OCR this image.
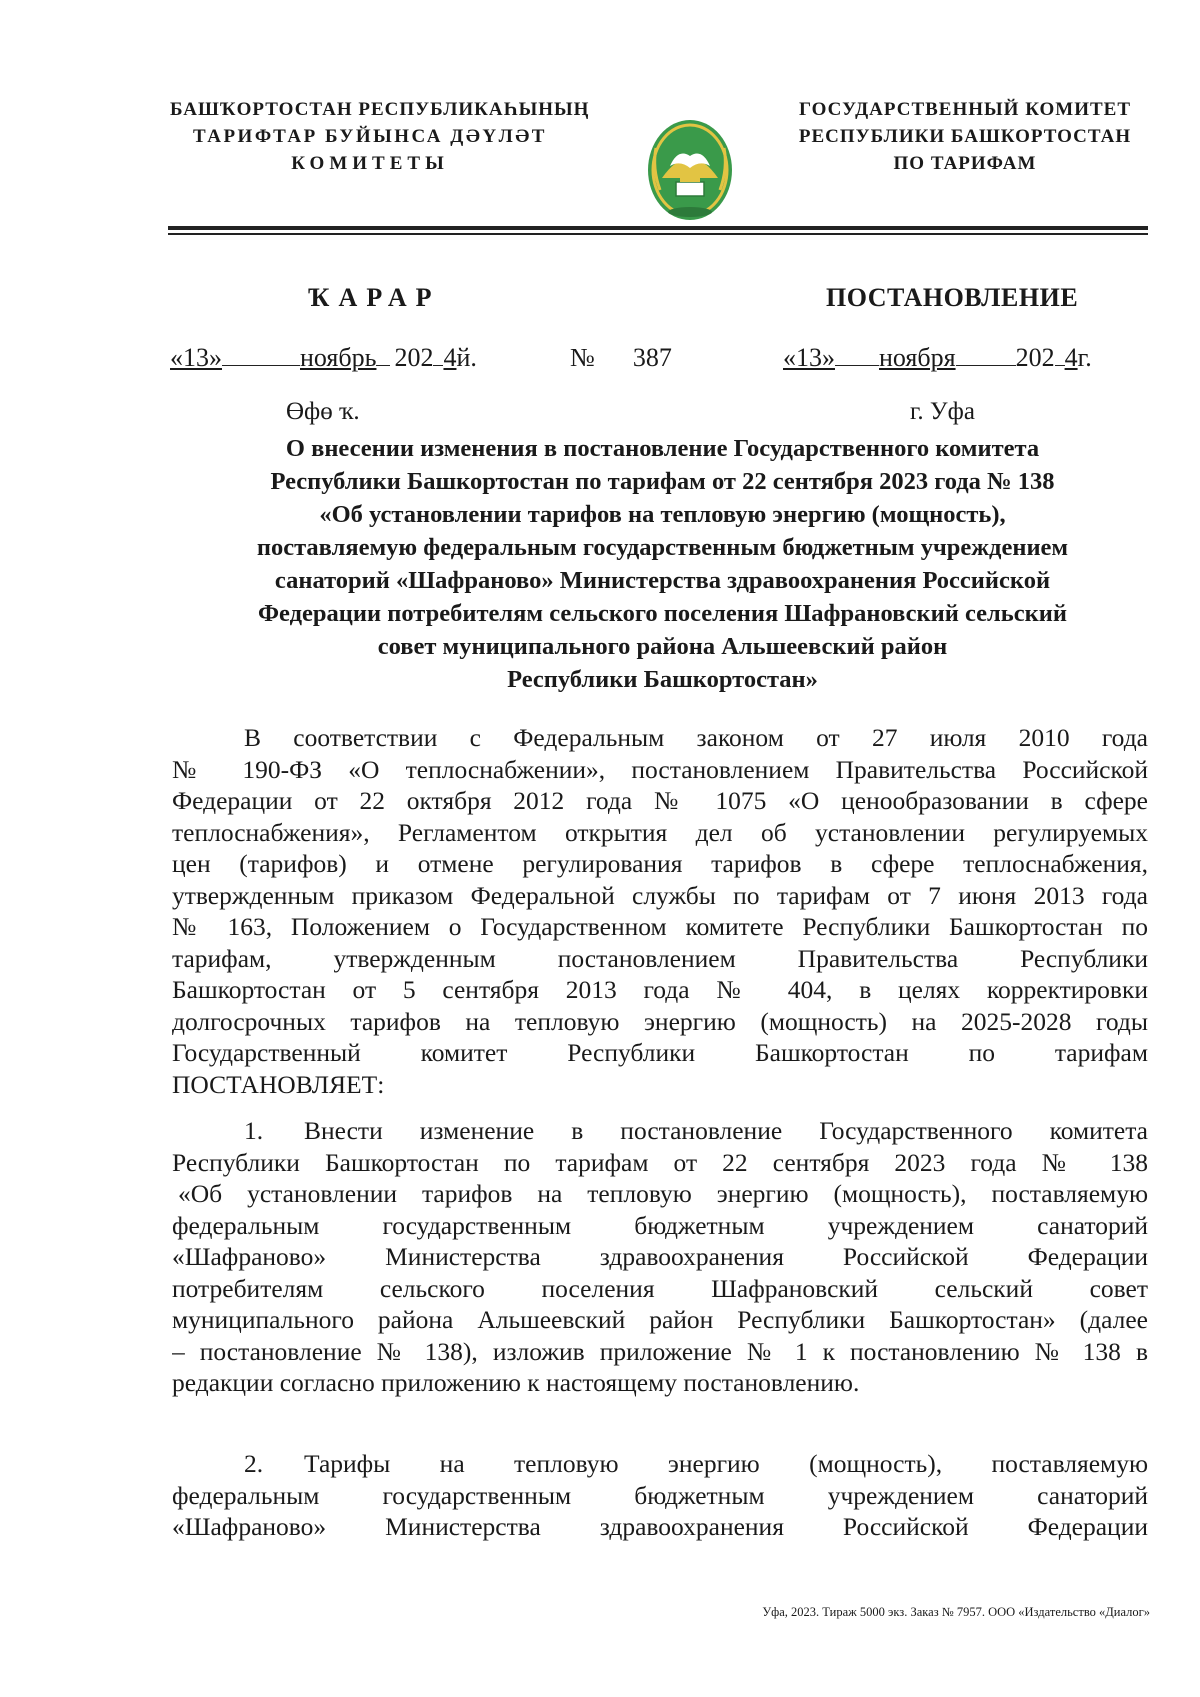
БАШҠОРТОСТАН РЕСПУБЛИКАҺЫНЫҢ
ТАРИФТАР БУЙЫНСА ДӘҮЛӘТ
КОМИТЕТЫ
ГОСУДАРСТВЕННЫЙ КОМИТЕТ
РЕСПУБЛИКИ БАШКОРТОСТАН
ПО ТАРИФАМ
ҠАРАР	ПОСТАНОВЛЕНИЕ
«13»	ноябрь 202 4й.	№ 387	«13» ноября 202 4г.
Өфө ҡ.	г. Уфа
О внесении изменения в постановление Государственного комитета
Республики Башкортостан по тарифам от 22 сентября 2023 года № 138
«Об установлении тарифов на тепловую энергию (мощность),
поставляемую федеральным государственным бюджетным учреждением
санаторий «Шафраново» Министерства здравоохранения Российской
Федерации потребителям сельского поселения Шафрановский сельский
совет муниципального района Альшеевский район
Республики Башкортостан»
В соответствии с Федеральным законом от 27 июля 2010 года
№ 190-ФЗ «О теплоснабжении», постановлением Правительства Российской
Федерации от 22 октября 2012 года № 1075 «О ценообразовании в сфере
теплоснабжения», Регламентом открытия дел об установлении регулируемых
цен (тарифов) и отмене регулирования тарифов в сфере теплоснабжения,
утвержденным приказом Федеральной службы по тарифам от 7 июня 2013 года
№ 163, Положением о Государственном комитете Республики Башкортостан по
тарифам, утвержденным постановлением Правительства Республики
Башкортостан от 5 сентября 2013 года № 404, в целях корректировки
долгосрочных тарифов на тепловую энергию (мощность) на 2025-2028 годы
Государственный комитет Республики Башкортостан по тарифам
ПОСТАНОВЛЯЕТ:
1. Внести изменение в постановление Государственного комитета
Республики Башкортостан по тарифам от 22 сентября 2023 года № 138
«Об установлении тарифов на тепловую энергию (мощность), поставляемую
федеральным государственным бюджетным учреждением санаторий
«Шафраново» Министерства здравоохранения Российской Федерации
потребителям сельского поселения Шафрановский сельский совет
муниципального района Альшеевский район Республики Башкортостан» (далее
– постановление № 138), изложив приложение № 1 к постановлению № 138 в
редакции согласно приложению к настоящему постановлению.
2. Тарифы на тепловую энергию (мощность), поставляемую
федеральным государственным бюджетным учреждением санаторий
«Шафраново» Министерства здравоохранения Российской Федерации
Уфа, 2023. Тираж 5000 экз. Заказ № 7957. ООО «Издательство «Диалог»
